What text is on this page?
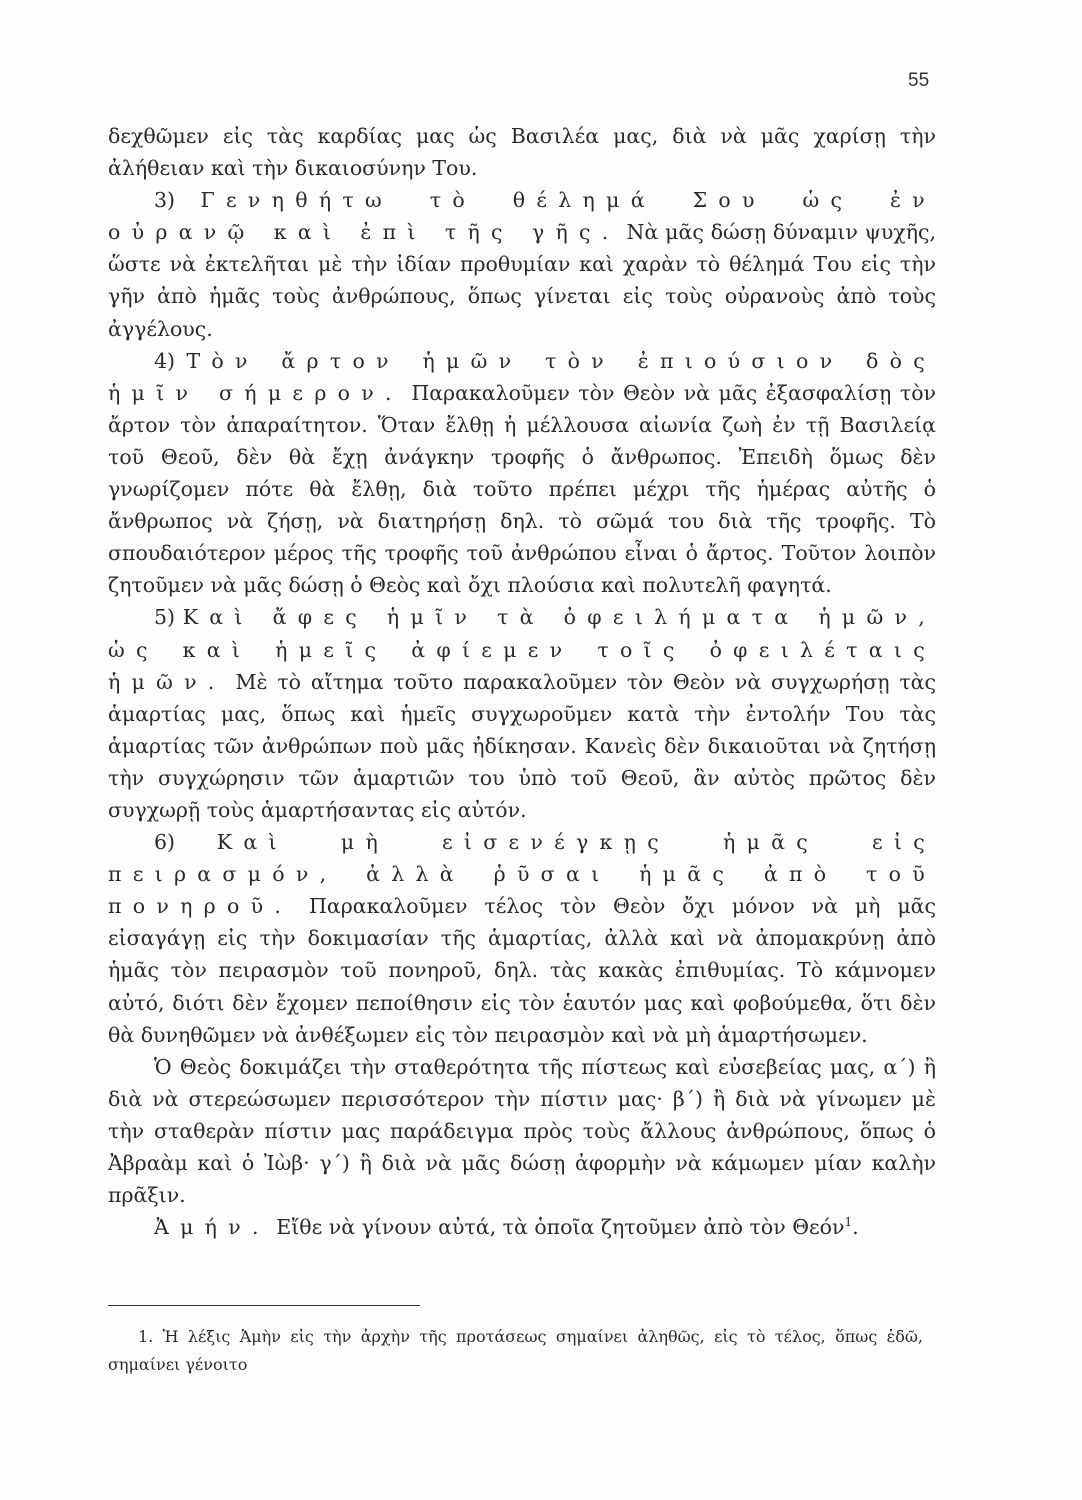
55

δεχθῶμεν εἰς τὰς καρδίας μας ὡς Βασιλέα μας, διὰ νὰ μᾶς χαρίσῃ τὴν ἀλήθειαν καὶ τὴν δικαιοσύνην Του.

3) Γενηθήτω τὸ θέλημά Σου ὡς ἐν οὐρανῷ καὶ ἐπὶ τῆς γῆς. Νὰ μᾶς δώσῃ δύναμιν ψυχῆς, ὥστε νὰ ἐκτελῆται μὲ τὴν ἰδίαν προθυμίαν καὶ χαρὰν τὸ θέλημά Του εἰς τὴν γῆν ἀπὸ ἡμᾶς τοὺς ἀνθρώπους, ὅπως γίνεται εἰς τοὺς οὐρανοὺς ἀπὸ τοὺς ἀγγέλους.

4) Τὸν ἄρτον ἡμῶν τὸν ἐπιούσιον δὸς ἡμῖν σήμερον. Παρακαλοῦμεν τὸν Θεὸν νὰ μᾶς ἐξασφαλίσῃ τὸν ἄρτον τὸν ἀπαραίτητον. Ὅταν ἔλθῃ ἡ μέλλουσα αἰωνία ζωὴ ἐν τῇ Βασιλείᾳ τοῦ Θεοῦ, δὲν θὰ ἔχῃ ἀνάγκην τροφῆς ὁ ἄνθρωπος. Ἐπειδὴ ὅμως δὲν γνωρίζομεν πότε θὰ ἔλθῃ, διὰ τοῦτο πρέπει μέχρι τῆς ἡμέρας αὐτῆς ὁ ἄνθρωπος νὰ ζήσῃ, νὰ διατηρήσῃ δηλ. τὸ σῶμά του διὰ τῆς τροφῆς. Τὸ σπουδαιότερον μέρος τῆς τροφῆς τοῦ ἀνθρώπου εἶναι ὁ ἄρτος. Τοῦτον λοιπὸν ζητοῦμεν νὰ μᾶς δώσῃ ὁ Θεὸς καὶ ὄχι πλούσια καὶ πολυτελῆ φαγητά.

5) Καὶ ἄφες ἡμῖν τὰ ὀφειλήματα ἡμῶν, ὡς καὶ ἡμεῖς ἀφίεμεν τοῖς ὀφειλέταις ἡμῶν. Μὲ τὸ αἴτημα τοῦτο παρακαλοῦμεν τὸν Θεὸν νὰ συγχωρήσῃ τὰς ἁμαρτίας μας, ὅπως καὶ ἡμεῖς συγχωροῦμεν κατὰ τὴν ἐντολήν Του τὰς ἁμαρτίας τῶν ἀνθρώπων ποὺ μᾶς ἠδίκησαν. Κανεὶς δὲν δικαιοῦται νὰ ζητήσῃ τὴν συγχώρησιν τῶν ἁμαρτιῶν του ὑπὸ τοῦ Θεοῦ, ἂν αὐτὸς πρῶτος δὲν συγχωρῇ τοὺς ἁμαρτήσαντας εἰς αὐτόν.

6) Καὶ μὴ εἰσενέγκῃς ἡμᾶς εἰς πειρασμόν, ἀλλὰ ῥῦσαι ἡμᾶς ἀπὸ τοῦ πονηροῦ. Παρακαλοῦμεν τέλος τὸν Θεὸν ὄχι μόνον νὰ μὴ μᾶς εἰσαγάγῃ εἰς τὴν δοκιμασίαν τῆς ἁμαρτίας, ἀλλὰ καὶ νὰ ἀπομακρύνῃ ἀπὸ ἡμᾶς τὸν πειρασμὸν τοῦ πονηροῦ, δηλ. τὰς κακὰς ἐπιθυμίας. Τὸ κάμνομεν αὐτό, διότι δὲν ἔχομεν πεποίθησιν εἰς τὸν ἑαυτόν μας καὶ φοβούμεθα, ὅτι δὲν θὰ δυνηθῶμεν νὰ ἀνθέξωμεν εἰς τὸν πειρασμὸν καὶ νὰ μὴ ἁμαρτήσωμεν.

Ὁ Θεὸς δοκιμάζει τὴν σταθερότητα τῆς πίστεως καὶ εὐσεβείας μας, α΄) ἢ διὰ νὰ στερεώσωμεν περισσότερον τὴν πίστιν μας· β΄) ἢ διὰ νὰ γίνωμεν μὲ τὴν σταθερὰν πίστιν μας παράδειγμα πρὸς τοὺς ἄλλους ἀνθρώπους, ὅπως ὁ Ἀβραὰμ καὶ ὁ Ἰὼβ· γ΄) ἢ διὰ νὰ μᾶς δώσῃ ἀφορμὴν νὰ κάμωμεν μίαν καλὴν πρᾶξιν.

Ἀμήν. Εἴθε νὰ γίνουν αὐτά, τὰ ὁποῖα ζητοῦμεν ἀπὸ τὸν Θεόν$^1$.

1. Ἡ λέξις Ἀμὴν εἰς τὴν ἀρχὴν τῆς προτάσεως σημαίνει ἀληθῶς, εἰς τὸ τέλος, ὅπως ἐδῶ, σημαίνει γένοιτο
